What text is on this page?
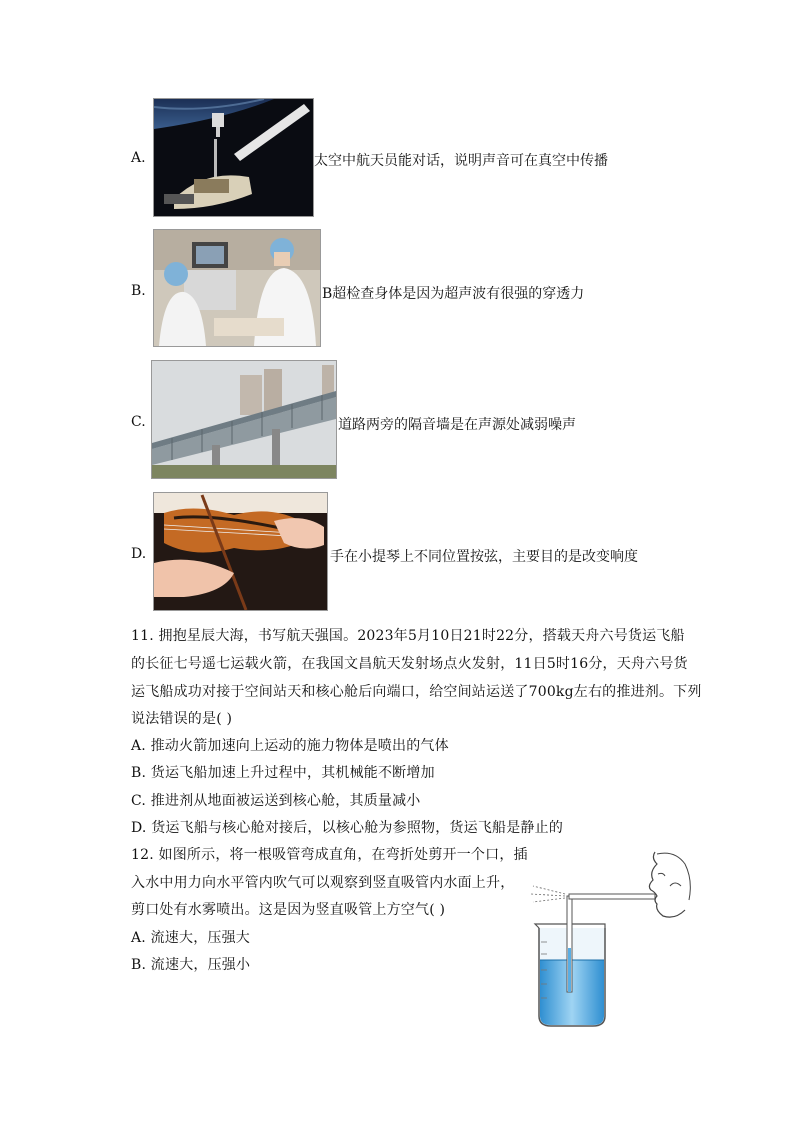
A.	太空中航天员能对话，说明声音可在真空中传播
B.	B超检查身体是因为超声波有很强的穿透力
C.	道路两旁的隔音墙是在声源处减弱噪声
D.	手在小提琴上不同位置按弦，主要目的是改变响度
11. 拥抱星辰大海，书写航天强国。2023年5月10日21时22分，搭载天舟六号货运飞船
的长征七号遥七运载火箭，在我国文昌航天发射场点火发射，11日5时16分，天舟六号货
运飞船成功对接于空间站天和核心舱后向端口，给空间站运送了700kg左右的推进剂。下列
说法错误的是( )
A. 推动火箭加速向上运动的施力物体是喷出的气体
B. 货运飞船加速上升过程中，其机械能不断增加
C. 推进剂从地面被运送到核心舱，其质量减小
D. 货运飞船与核心舱对接后，以核心舱为参照物，货运飞船是静止的
12. 如图所示，将一根吸管弯成直角，在弯折处剪开一个口，插
入水中用力向水平管内吹气可以观察到竖直吸管内水面上升，
剪口处有水雾喷出。这是因为竖直吸管上方空气( )
A. 流速大，压强大
B. 流速大，压强小
